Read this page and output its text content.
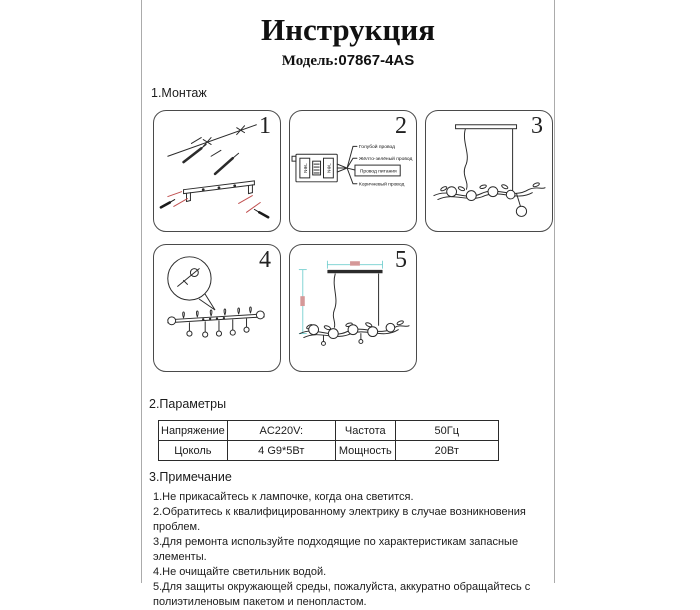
Инструкция
Модель:07867-4AS
1.Монтаж
1
N⊕L	N⊕L
Голубой провод
Жёлто-зелёный провод
Провод питания
Коричневый провод
2	3
4	5
2.Параметры
Напряжение	AC220V:	Частота	50Гц
Цоколь	4 G9*5Вт	Мощность	20Вт
3.Примечание
1.Не прикасайтесь к лампочке, когда она светится.
2.Обратитесь к квалифицированному электрику в случае возникновения проблем.
3.Для ремонта используйте подходящие по характеристикам запасные элементы.
4.Не очищайте светильник водой.
5.Для защиты окружающей среды, пожалуйста, аккуратно обращайтесь с полиэтиленовым пакетом и пенопластом.
